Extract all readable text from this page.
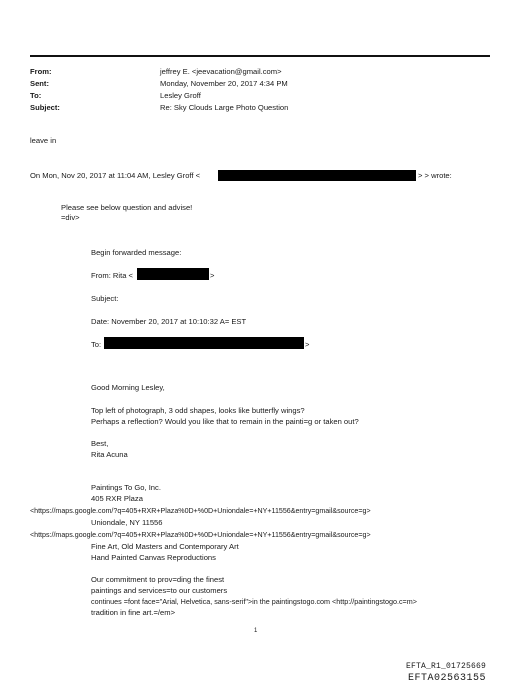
From:	jeffrey E. <jeevacation@gmail.com>
Sent:	Monday, November 20, 2017 4:34 PM
To:	Lesley Groff
Subject:	Re: Sky Clouds Large Photo Question
leave in
On Mon, Nov 20, 2017 at 11:04 AM, Lesley Groff <	> > wrote:
Please see below question and advise!
=div>
Begin forwarded message:
From: Rita <	>
Subject:
Date: November 20, 2017 at 10:10:32 A= EST
To:	>
Good Morning Lesley,
Top left of photograph, 3 odd shapes, looks like butterfly wings?
Perhaps a reflection? Would you like that to remain in the painti=g or taken out?
Best,
Rita Acuna
Paintings To Go, Inc.
405 RXR Plaza
<https://maps.google.com/?q=405+RXR+Plaza%0D+%0D+Uniondale=+NY+11556&entry=gmail&source=g>
Uniondale, NY 11556
<https://maps.google.com/?q=405+RXR+Plaza%0D+%0D+Uniondale=+NY+11556&entry=gmail&source=g>
Fine Art, Old Masters and Contemporary Art
Hand Painted Canvas Reproductions
Our commitment to prov=ding the finest
paintings and services=to our customers
continues =font face="Arial, Helvetica, sans-serif">in the paintingstogo.com <http://paintingstogo.c=m>
tradition in fine art.=/em>
1
EFTA_R1_01725669
EFTA02563155
